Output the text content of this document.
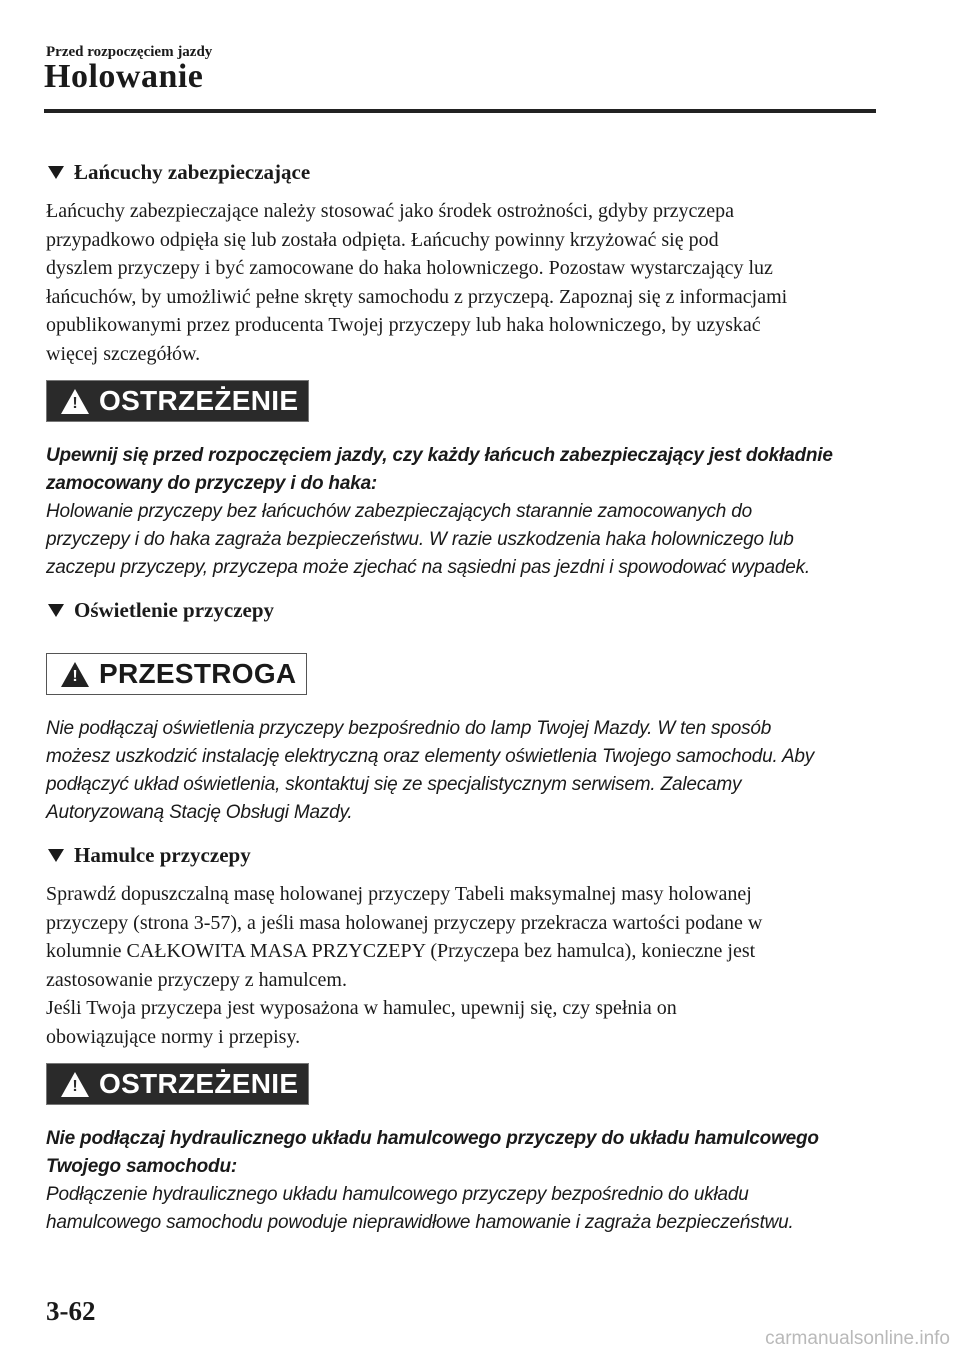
Przed rozpoczęciem jazdy
Holowanie
Łańcuchy zabezpieczające

Łańcuchy zabezpieczające należy stosować jako środek ostrożności, gdyby przyczepa
przypadkowo odpięła się lub została odpięta. Łańcuchy powinny krzyżować się pod
dyszlem przyczepy i być zamocowane do haka holowniczego. Pozostaw wystarczający luz
łańcuchów, by umożliwić pełne skręty samochodu z przyczepą. Zapoznaj się z informacjami
opublikowanymi przez producenta Twojej przyczepy lub haka holowniczego, by uzyskać
więcej szczegółów.

! OSTRZEŻENIE

Upewnij się przed rozpoczęciem jazdy, czy każdy łańcuch zabezpieczający jest dokładnie
zamocowany do przyczepy i do haka:
Holowanie przyczepy bez łańcuchów zabezpieczających starannie zamocowanych do
przyczepy i do haka zagraża bezpieczeństwu. W razie uszkodzenia haka holowniczego lub
zaczepu przyczepy, przyczepa może zjechać na sąsiedni pas jezdni i spowodować wypadek.

Oświetlenie przyczepy
! PRZESTROGA

Nie podłączaj oświetlenia przyczepy bezpośrednio do lamp Twojej Mazdy. W ten sposób
możesz uszkodzić instalację elektryczną oraz elementy oświetlenia Twojego samochodu. Aby
podłączyć układ oświetlenia, skontaktuj się ze specjalistycznym serwisem. Zalecamy
Autoryzowaną Stację Obsługi Mazdy.

Hamulce przyczepy

Sprawdź dopuszczalną masę holowanej przyczepy Tabeli maksymalnej masy holowanej
przyczepy (strona 3-57), a jeśli masa holowanej przyczepy przekracza wartości podane w
kolumnie CAŁKOWITA MASA PRZYCZEPY (Przyczepa bez hamulca), konieczne jest
zastosowanie przyczepy z hamulcem.
Jeśli Twoja przyczepa jest wyposażona w hamulec, upewnij się, czy spełnia on
obowiązujące normy i przepisy.

! OSTRZEŻENIE

Nie podłączaj hydraulicznego układu hamulcowego przyczepy do układu hamulcowego
Twojego samochodu:
Podłączenie hydraulicznego układu hamulcowego przyczepy bezpośrednio do układu
hamulcowego samochodu powoduje nieprawidłowe hamowanie i zagraża bezpieczeństwu.

3-62
carmanualsonline.info
